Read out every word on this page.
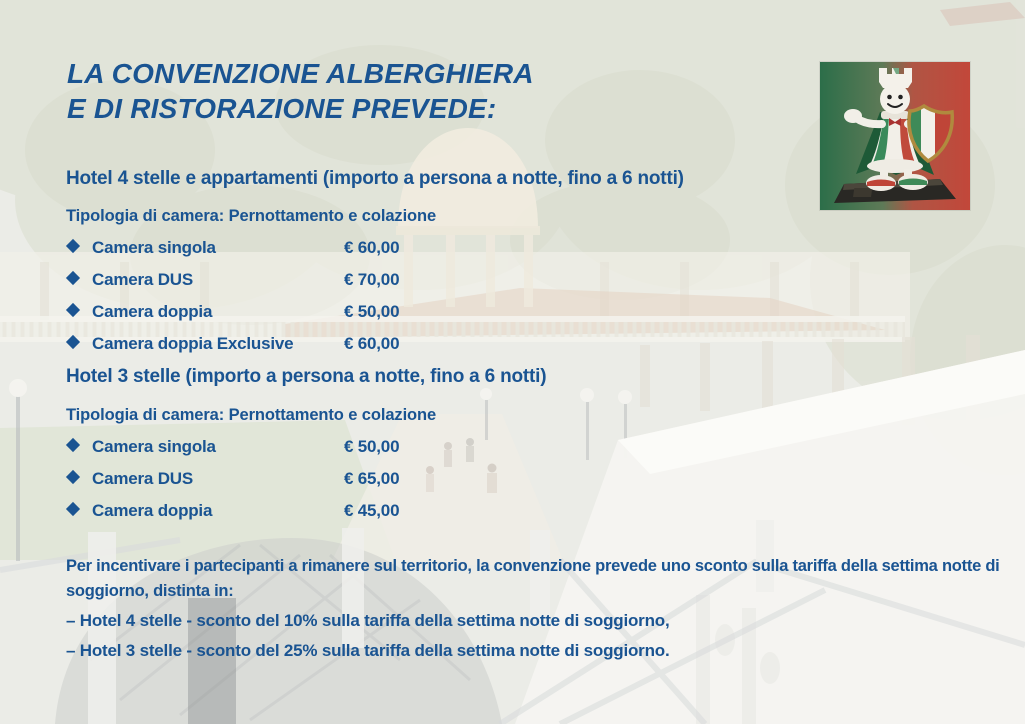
LA CONVENZIONE ALBERGHIERA
E DI RISTORAZIONE PREVEDE:
Hotel 4 stelle e appartamenti (importo a persona a notte, fino a 6 notti)
Tipologia di camera: Pernottamento e colazione
Camera singola	€ 60,00
Camera DUS	€ 70,00
Camera doppia	€ 50,00
Camera doppia Exclusive	€ 60,00
Hotel 3 stelle (importo a persona a notte, fino a 6 notti)
Tipologia di camera: Pernottamento e colazione
Camera singola	€ 50,00
Camera DUS	€ 65,00
Camera doppia	€ 45,00

Per incentivare i partecipanti a rimanere sul territorio, la convenzione prevede uno sconto sulla tariffa della settima notte di soggiorno, distinta in:

– Hotel 4 stelle - sconto del 10% sulla tariffa della settima notte di soggiorno,

– Hotel 3 stelle - sconto del 25% sulla tariffa della settima notte di soggiorno.
